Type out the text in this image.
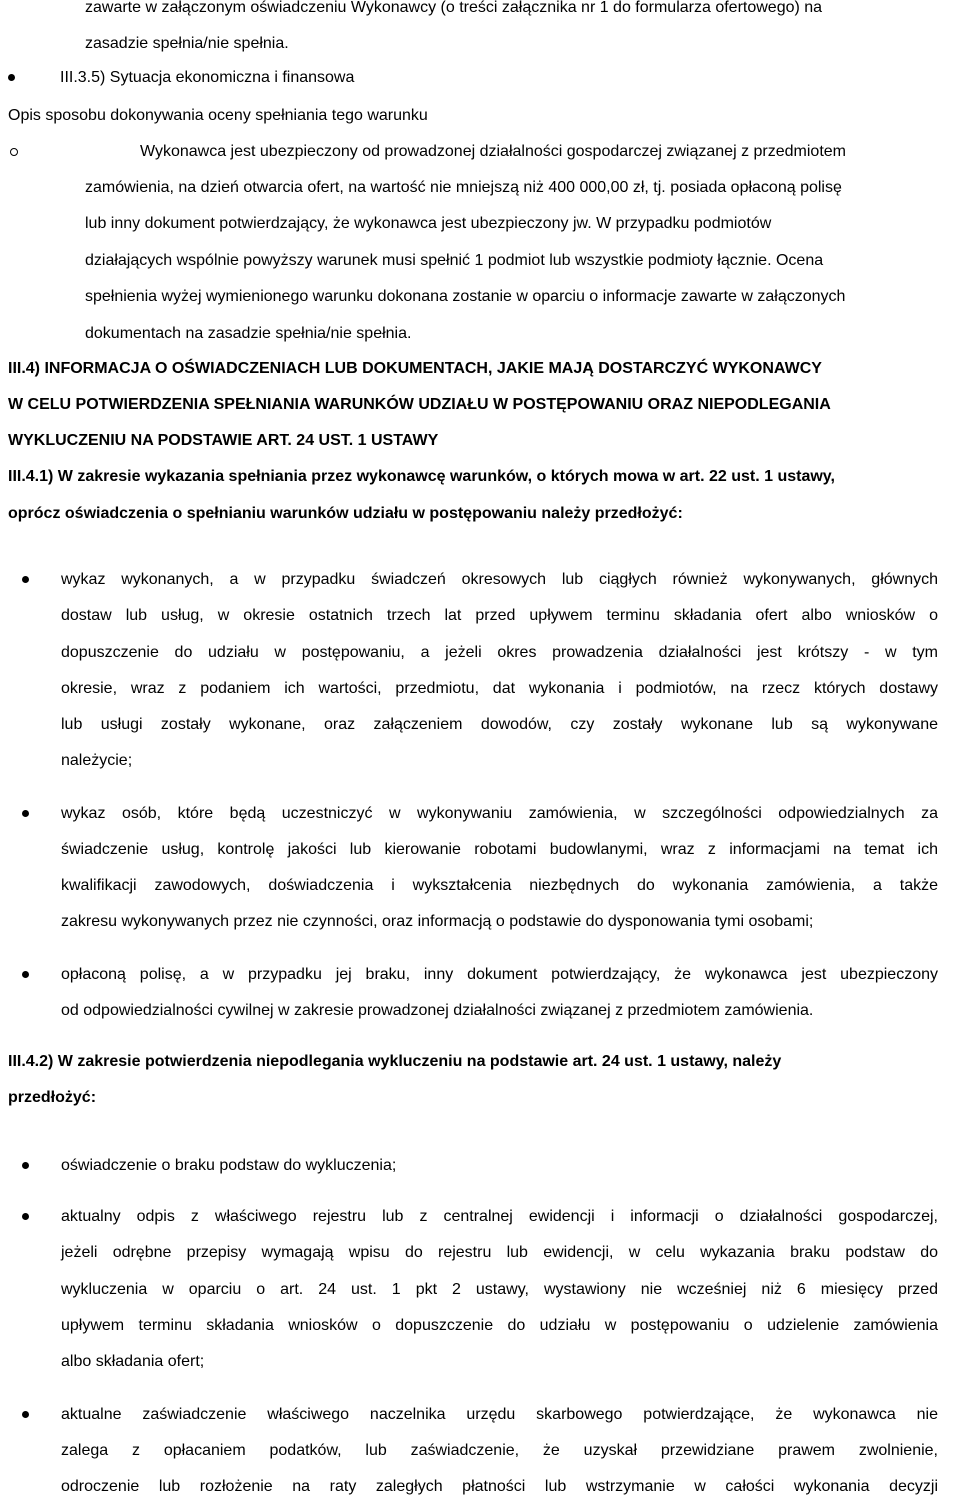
zawarte w załączonym oświadczeniu Wykonawcy (o treści załącznika nr 1 do formularza ofertowego) na
zasadzie spełnia/nie spełnia.
III.3.5) Sytuacja ekonomiczna i finansowa
Opis sposobu dokonywania oceny spełniania tego warunku
Wykonawca jest ubezpieczony od prowadzonej działalności gospodarczej związanej z przedmiotem
zamówienia, na dzień otwarcia ofert, na wartość nie mniejszą niż 400 000,00 zł, tj. posiada opłaconą polisę
lub inny dokument potwierdzający, że wykonawca jest ubezpieczony jw. W przypadku podmiotów
działających wspólnie powyższy warunek musi spełnić 1 podmiot lub wszystkie podmioty łącznie. Ocena
spełnienia wyżej wymienionego warunku dokonana zostanie w oparciu o informacje zawarte w załączonych
dokumentach na zasadzie spełnia/nie spełnia.
III.4) INFORMACJA O OŚWIADCZENIACH LUB DOKUMENTACH, JAKIE MAJĄ DOSTARCZYĆ WYKONAWCY
W CELU POTWIERDZENIA SPEŁNIANIA WARUNKÓW UDZIAŁU W POSTĘPOWANIU ORAZ NIEPODLEGANIA
WYKLUCZENIU NA PODSTAWIE ART. 24 UST. 1 USTAWY
III.4.1) W zakresie wykazania spełniania przez wykonawcę warunków, o których mowa w art. 22 ust. 1 ustawy,
oprócz oświadczenia o spełnianiu warunków udziału w postępowaniu należy przedłożyć:
wykaz wykonanych, a w przypadku świadczeń okresowych lub ciągłych również wykonywanych, głównych
dostaw lub usług, w okresie ostatnich trzech lat przed upływem terminu składania ofert albo wniosków o
dopuszczenie do udziału w postępowaniu, a jeżeli okres prowadzenia działalności jest krótszy - w tym
okresie, wraz z podaniem ich wartości, przedmiotu, dat wykonania i podmiotów, na rzecz których dostawy
lub usługi zostały wykonane, oraz załączeniem dowodów, czy zostały wykonane lub są wykonywane
należycie;
wykaz osób, które będą uczestniczyć w wykonywaniu zamówienia, w szczególności odpowiedzialnych za
świadczenie usług, kontrolę jakości lub kierowanie robotami budowlanymi, wraz z informacjami na temat ich
kwalifikacji zawodowych, doświadczenia i wykształcenia niezbędnych do wykonania zamówienia, a także
zakresu wykonywanych przez nie czynności, oraz informacją o podstawie do dysponowania tymi osobami;
opłaconą polisę, a w przypadku jej braku, inny dokument potwierdzający, że wykonawca jest ubezpieczony
od odpowiedzialności cywilnej w zakresie prowadzonej działalności związanej z przedmiotem zamówienia.
III.4.2) W zakresie potwierdzenia niepodlegania wykluczeniu na podstawie art. 24 ust. 1 ustawy, należy
przedłożyć:
oświadczenie o braku podstaw do wykluczenia;
aktualny odpis z właściwego rejestru lub z centralnej ewidencji i informacji o działalności gospodarczej,
jeżeli odrębne przepisy wymagają wpisu do rejestru lub ewidencji, w celu wykazania braku podstaw do
wykluczenia w oparciu o art. 24 ust. 1 pkt 2 ustawy, wystawiony nie wcześniej niż 6 miesięcy przed
upływem terminu składania wniosków o dopuszczenie do udziału w postępowaniu o udzielenie zamówienia
albo składania ofert;
aktualne zaświadczenie właściwego naczelnika urzędu skarbowego potwierdzające, że wykonawca nie
zalega z opłacaniem podatków, lub zaświadczenie, że uzyskał przewidziane prawem zwolnienie,
odroczenie lub rozłożenie na raty zaległych płatności lub wstrzymanie w całości wykonania decyzji
